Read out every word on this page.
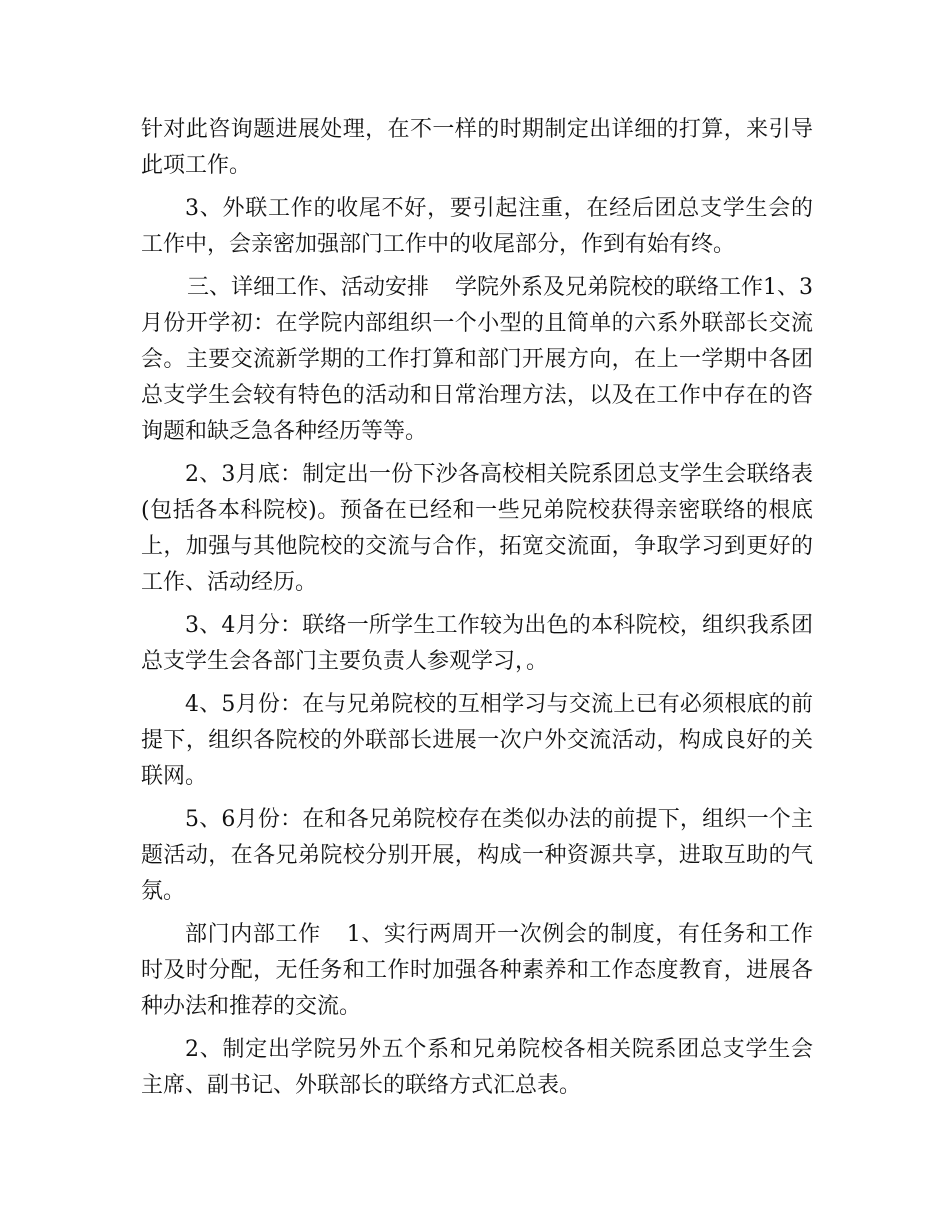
针对此咨询题进展处理，在不一样的时期制定出详细的打算，来引导此项工作。

3、外联工作的收尾不好，要引起注重，在经后团总支学生会的工作中，会亲密加强部门工作中的收尾部分，作到有始有终。

三、详细工作、活动安排 学院外系及兄弟院校的联络工作1、3月份开学初：在学院内部组织一个小型的且简单的六系外联部长交流会。主要交流新学期的工作打算和部门开展方向，在上一学期中各团总支学生会较有特色的活动和日常治理方法，以及在工作中存在的咨询题和缺乏急各种经历等等。

2、3月底：制定出一份下沙各高校相关院系团总支学生会联络表(包括各本科院校)。预备在已经和一些兄弟院校获得亲密联络的根底上，加强与其他院校的交流与合作，拓宽交流面，争取学习到更好的工作、活动经历。

3、4月分：联络一所学生工作较为出色的本科院校，组织我系团总支学生会各部门主要负责人参观学习，。

4、5月份：在与兄弟院校的互相学习与交流上已有必须根底的前提下，组织各院校的外联部长进展一次户外交流活动，构成良好的关联网。

5、6月份：在和各兄弟院校存在类似办法的前提下，组织一个主题活动，在各兄弟院校分别开展，构成一种资源共享，进取互助的气氛。

部门内部工作 1、实行两周开一次例会的制度，有任务和工作时及时分配，无任务和工作时加强各种素养和工作态度教育，进展各种办法和推荐的交流。

2、制定出学院另外五个系和兄弟院校各相关院系团总支学生会主席、副书记、外联部长的联络方式汇总表。
